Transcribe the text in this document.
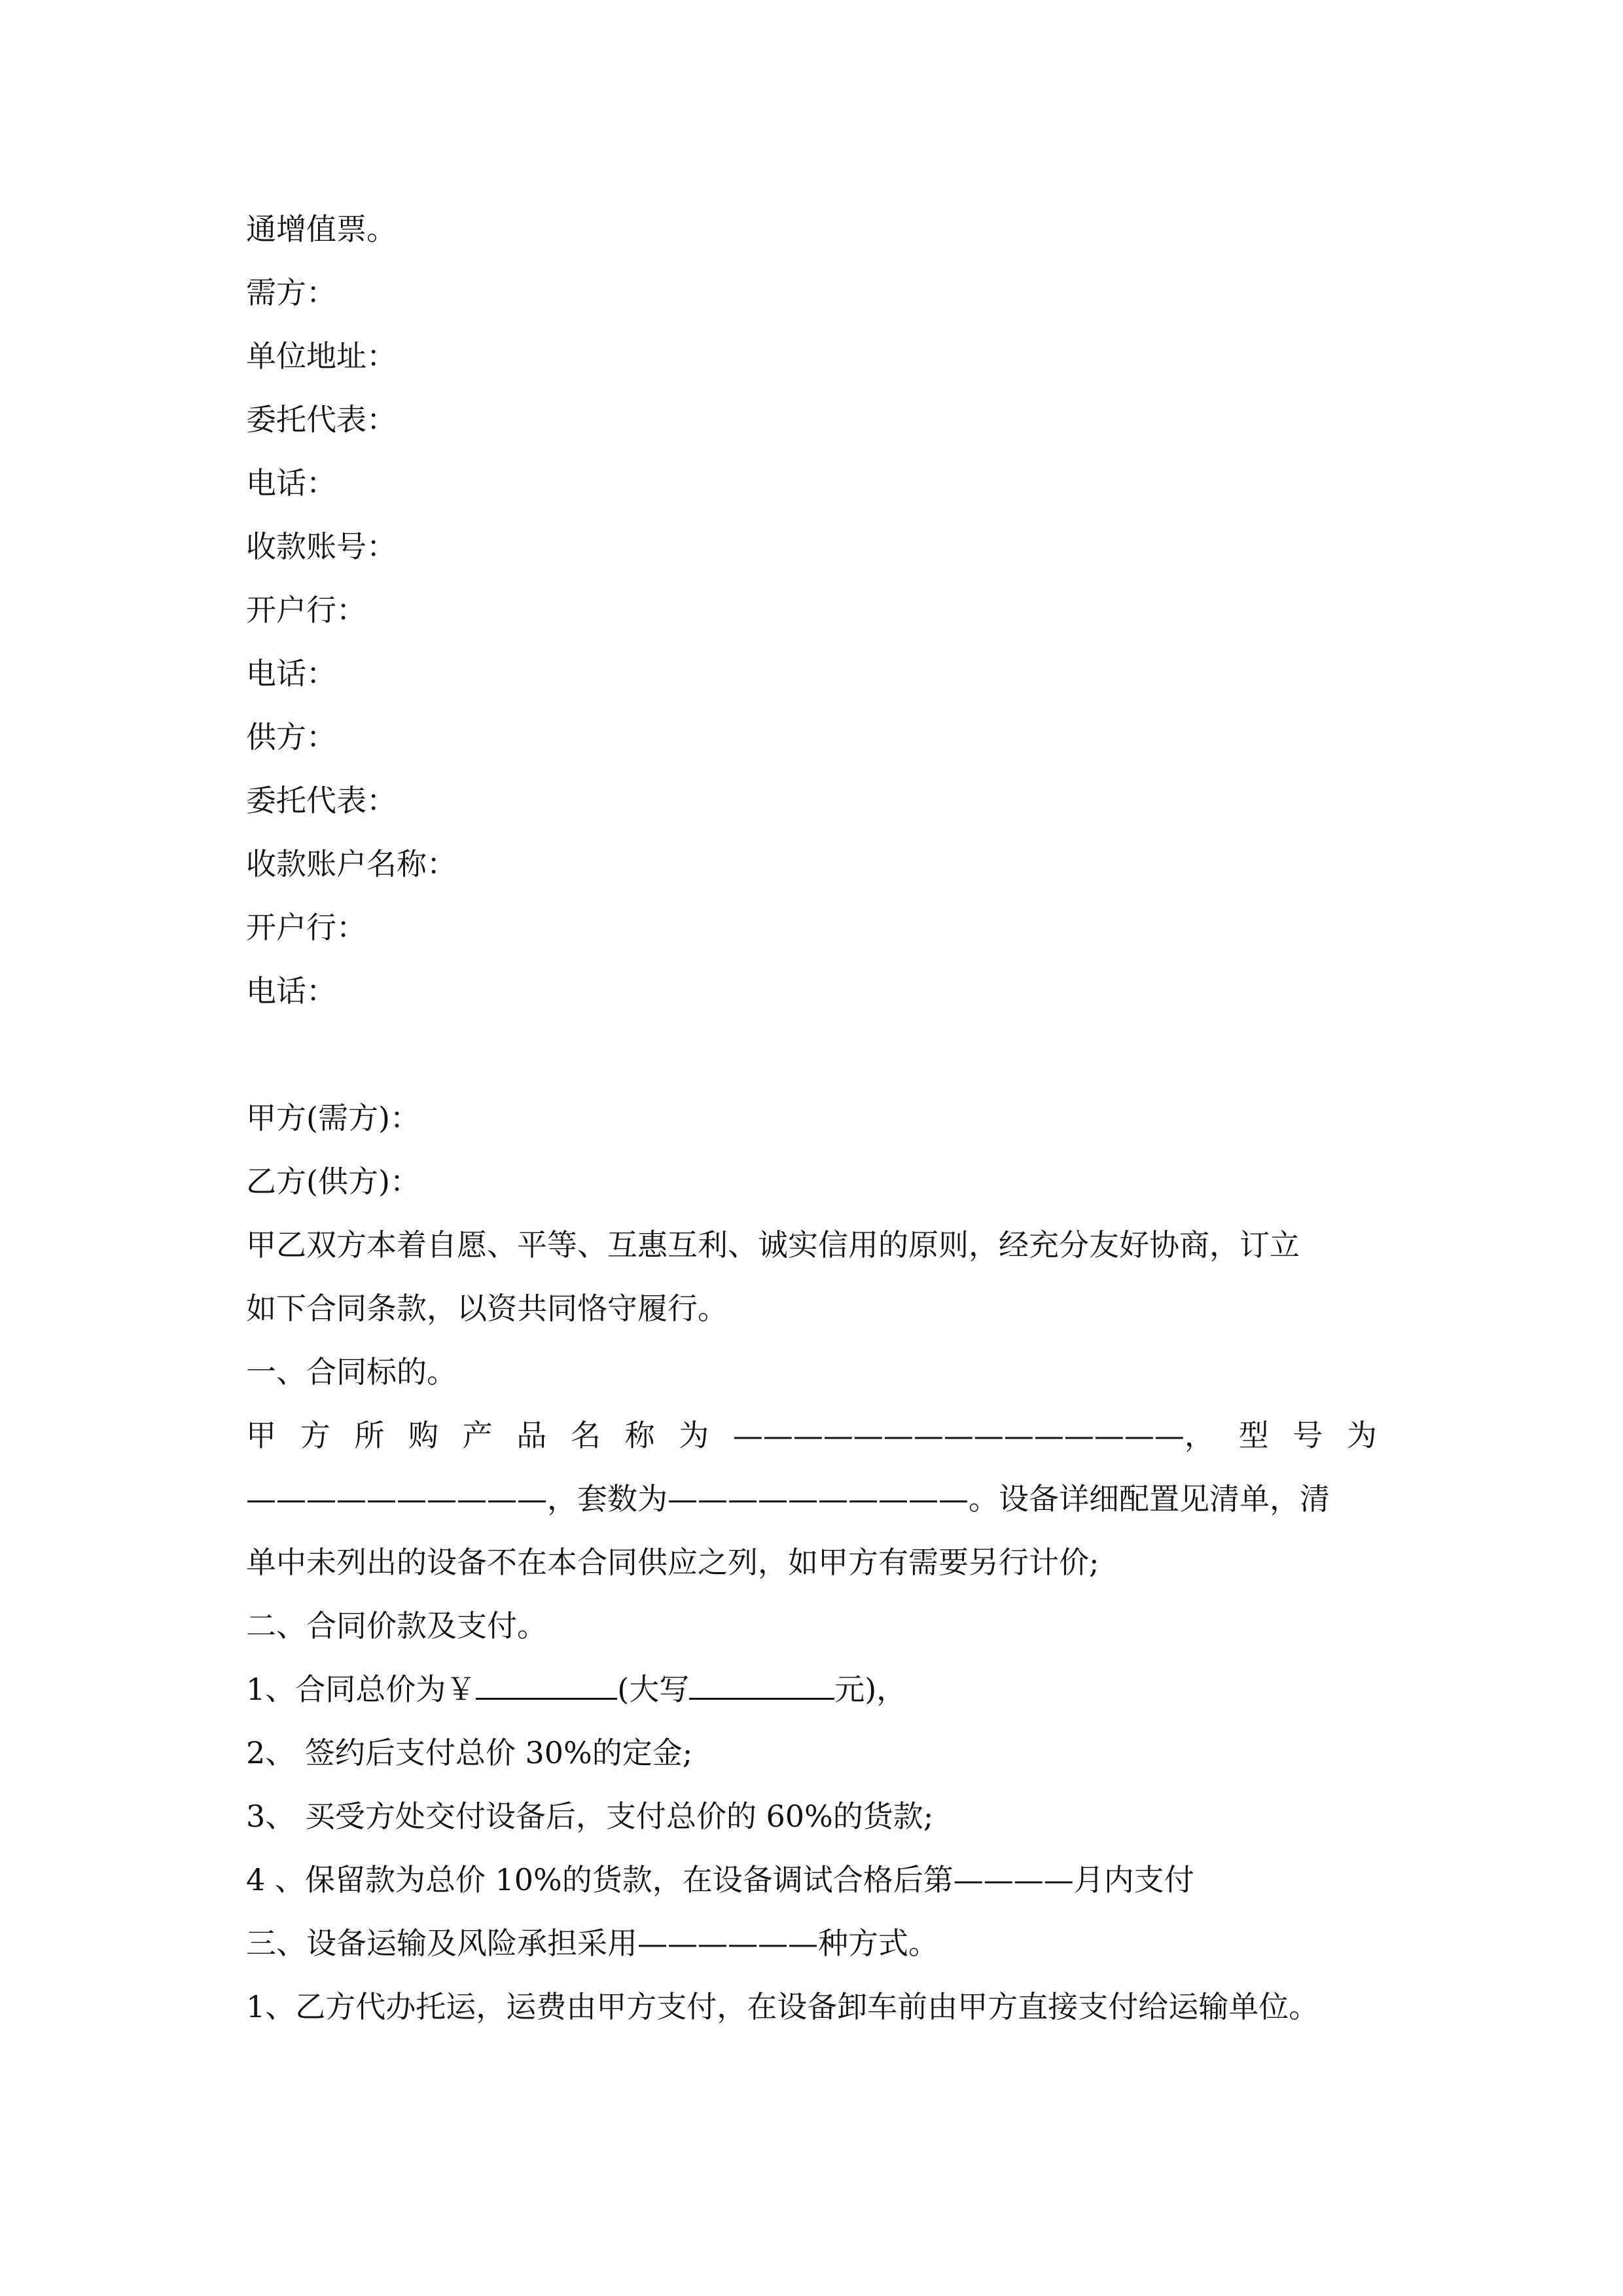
通增值票。
需方：
单位地址：
委托代表：
电话：
收款账号：
开户行：
电话：
供方：
委托代表：
收款账户名称：
开户行：
电话：
甲方(需方)：
乙方(供方)：
甲乙双方本着自愿、平等、互惠互利、诚实信用的原则，经充分友好协商，订立
如下合同条款，以资共同恪守履行。
一、合同标的。
甲 方 所 购 产 品 名 称 为 ———————————————， 型 号 为
——————————，套数为——————————。设备详细配置见清单，清
单中未列出的设备不在本合同供应之列，如甲方有需要另行计价;
二、合同价款及支付。
1、合同总价为￥	(大写	元)，
2、 签约后支付总价 30%的定金;
3、 买受方处交付设备后，支付总价的 60%的货款;
4 、保留款为总价 10%的货款，在设备调试合格后第————月内支付
三、设备运输及风险承担采用——————种方式。
1、乙方代办托运，运费由甲方支付，在设备卸车前由甲方直接支付给运输单位。
